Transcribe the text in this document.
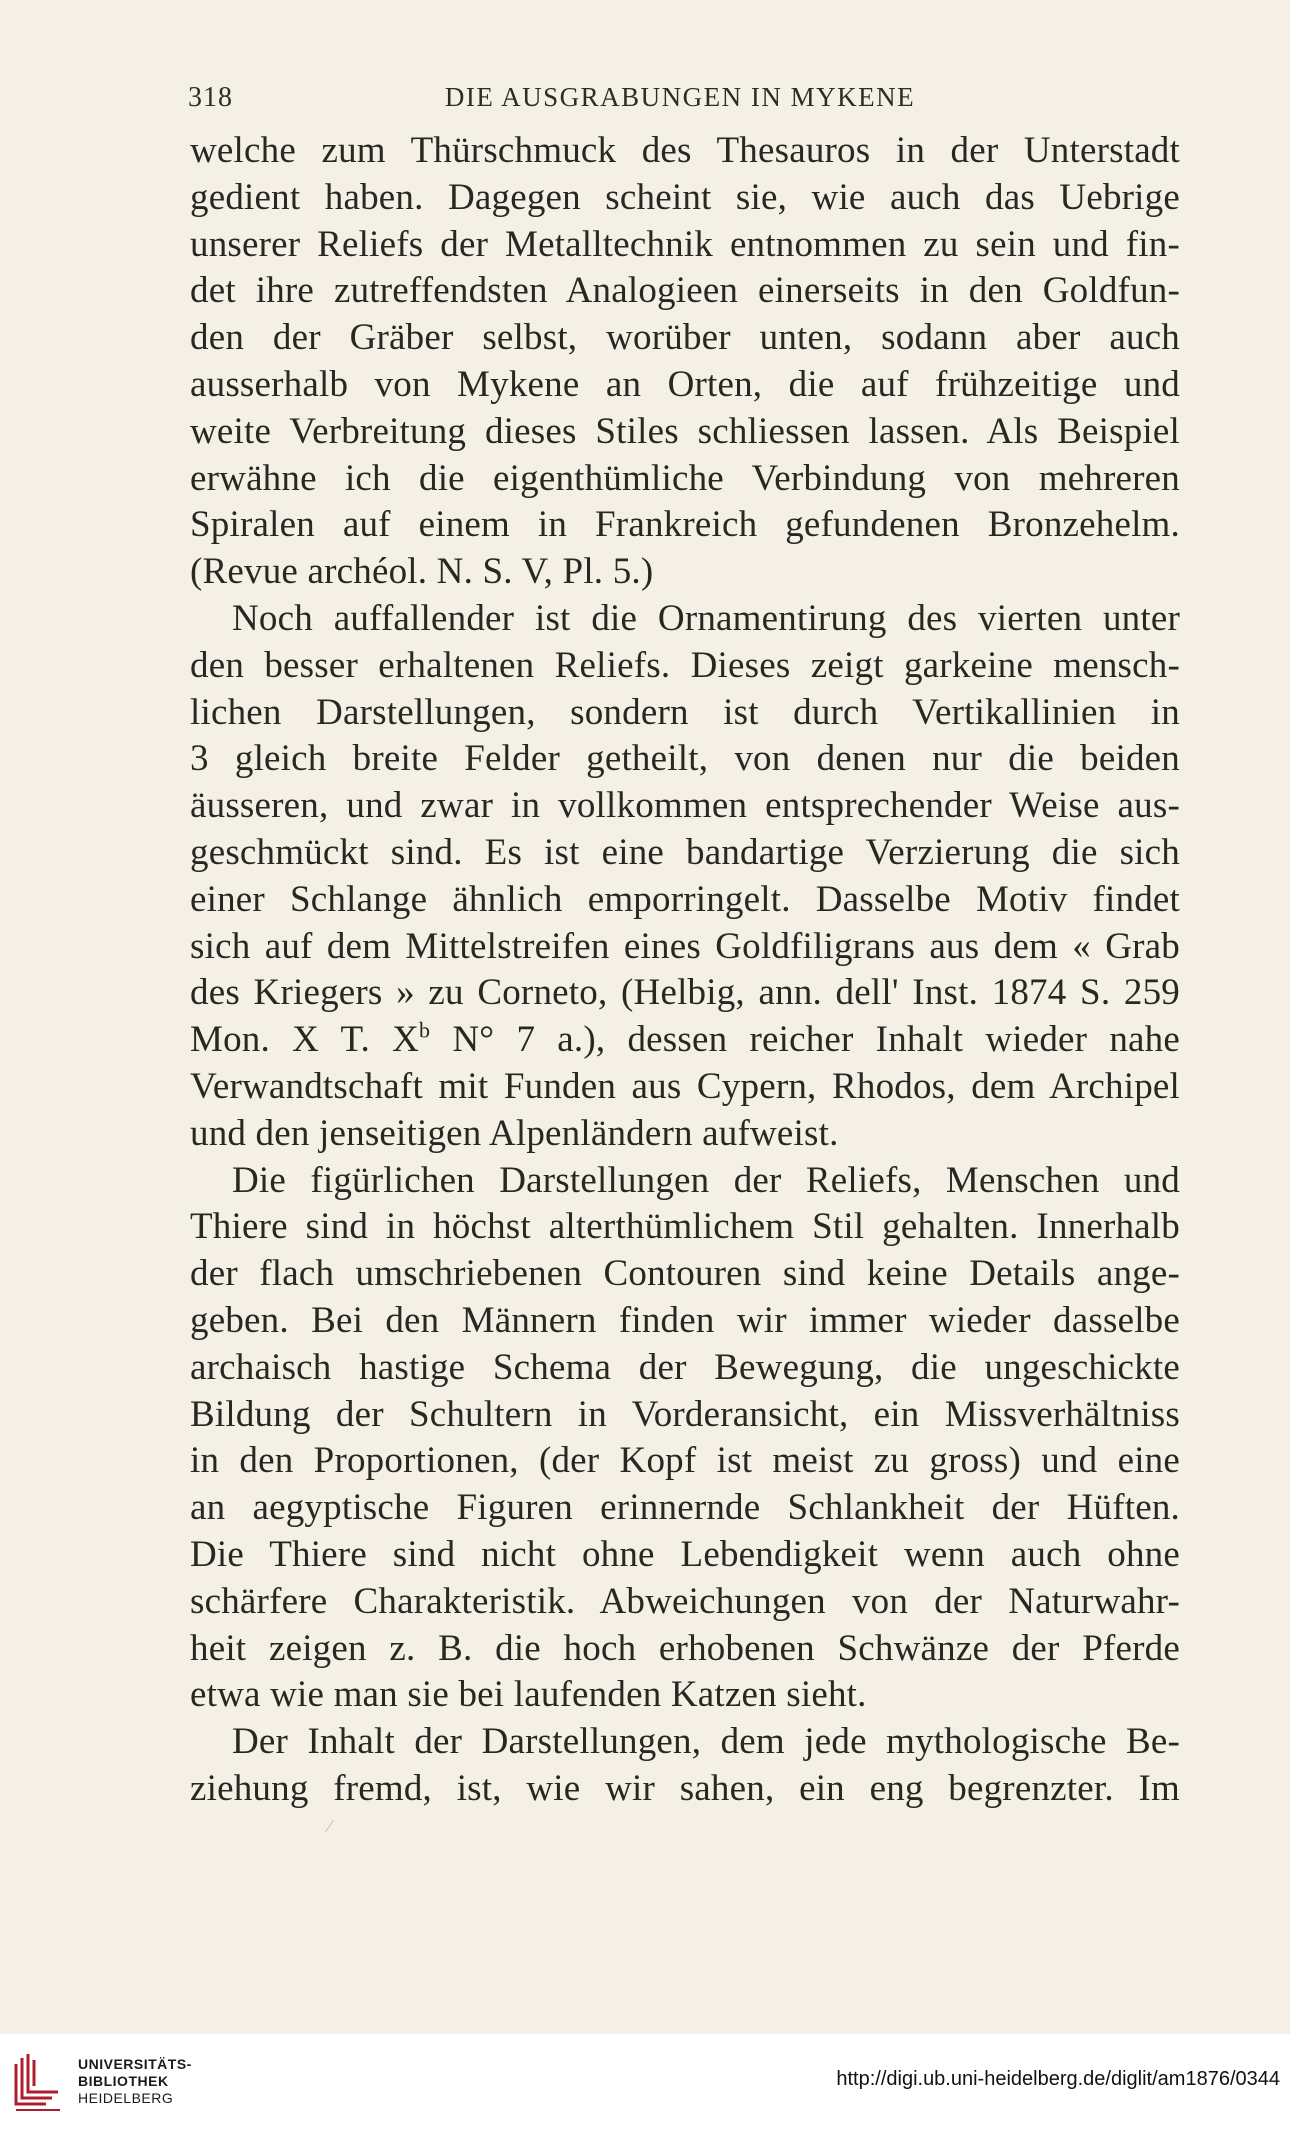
318	DIE AUSGRABUNGEN IN MYKENE
welche zum Thürschmuck des Thesauros in der Unterstadt
gedient haben. Dagegen scheint sie, wie auch das Uebrige
unserer Reliefs der Metalltechnik entnommen zu sein und fin-
det ihre zutreffendsten Analogieen einerseits in den Goldfun-
den der Gräber selbst, worüber unten, sodann aber auch
ausserhalb von Mykene an Orten, die auf frühzeitige und
weite Verbreitung dieses Stiles schliessen lassen. Als Beispiel
erwähne ich die eigenthümliche Verbindung von mehreren
Spiralen auf einem in Frankreich gefundenen Bronzehelm.
(Revue archéol. N. S. V, Pl. 5.)
Noch auffallender ist die Ornamentirung des vierten unter
den besser erhaltenen Reliefs. Dieses zeigt garkeine mensch-
lichen Darstellungen, sondern ist durch Vertikallinien in
3 gleich breite Felder getheilt, von denen nur die beiden
äusseren, und zwar in vollkommen entsprechender Weise aus-
geschmückt sind. Es ist eine bandartige Verzierung die sich
einer Schlange ähnlich emporringelt. Dasselbe Motiv findet
sich auf dem Mittelstreifen eines Goldfiligrans aus dem « Grab
des Kriegers » zu Corneto, (Helbig, ann. dell' Inst. 1874 S. 259
Mon. X T. $X^b$ N° 7 a.), dessen reicher Inhalt wieder nahe
Verwandtschaft mit Funden aus Cypern, Rhodos, dem Archipel
und den jenseitigen Alpenländern aufweist.
Die figürlichen Darstellungen der Reliefs, Menschen und
Thiere sind in höchst alterthümlichem Stil gehalten. Innerhalb
der flach umschriebenen Contouren sind keine Details ange-
geben. Bei den Männern finden wir immer wieder dasselbe
archaisch hastige Schema der Bewegung, die ungeschickte
Bildung der Schultern in Vorderansicht, ein Missverhältniss
in den Proportionen, (der Kopf ist meist zu gross) und eine
an aegyptische Figuren erinnernde Schlankheit der Hüften.
Die Thiere sind nicht ohne Lebendigkeit wenn auch ohne
schärfere Charakteristik. Abweichungen von der Naturwahr-
heit zeigen z. B. die hoch erhobenen Schwänze der Pferde
etwa wie man sie bei laufenden Katzen sieht.
Der Inhalt der Darstellungen, dem jede mythologische Be-
ziehung fremd, ist, wie wir sahen, ein eng begrenzter. Im
UNIVERSITÄTS-
BIBLIOTHEK
HEIDELBERG
http://digi.ub.uni-heidelberg.de/diglit/am1876/0344
